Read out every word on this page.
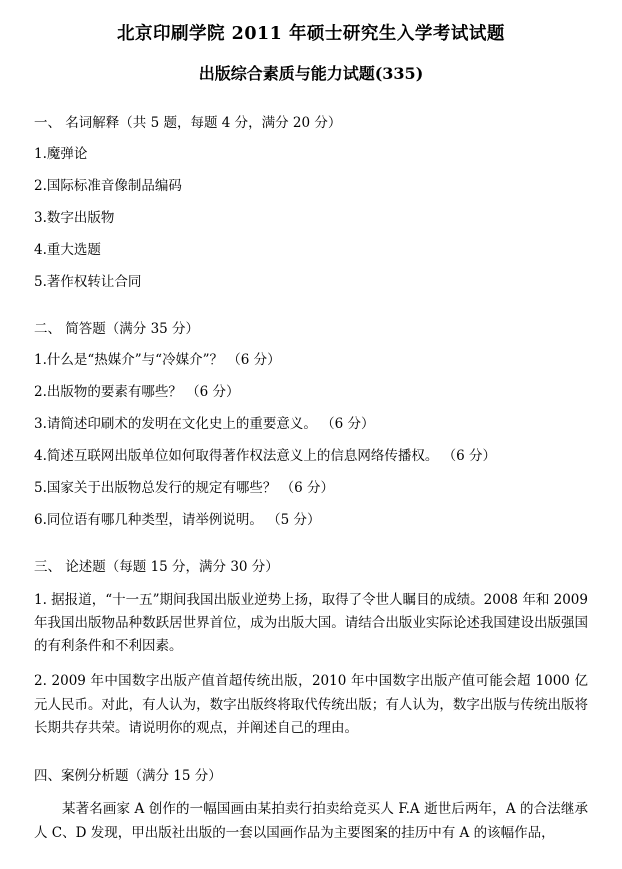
北京印刷学院 2011 年硕士研究生入学考试试题
出版综合素质与能力试题(335)
一、 名词解释（共 5 题，每题 4 分，满分 20 分）
1.魔弹论
2.国际标准音像制品编码
3.数字出版物
4.重大选题
5.著作权转让合同
二、 简答题（满分 35 分）
1.什么是“热媒介”与“冷媒介”？ （6 分）
2.出版物的要素有哪些？ （6 分）
3.请简述印刷术的发明在文化史上的重要意义。 （6 分）
4.简述互联网出版单位如何取得著作权法意义上的信息网络传播权。 （6 分）
5.国家关于出版物总发行的规定有哪些？ （6 分）
6.同位语有哪几种类型，请举例说明。 （5 分）
三、 论述题（每题 15 分，满分 30 分）
1. 据报道，“十一五”期间我国出版业逆势上扬，取得了令世人瞩目的成绩。2008 年和 2009 年我国出版物品种数跃居世界首位，成为出版大国。请结合出版业实际论述我国建设出版强国的有利条件和不利因素。
2. 2009 年中国数字出版产值首超传统出版，2010 年中国数字出版产值可能会超 1000 亿 元人民币。对此，有人认为，数字出版终将取代传统出版；有人认为，数字出版与传统出版将长期共存共荣。请说明你的观点，并阐述自己的理由。
四、案例分析题（满分 15 分）
某著名画家 A 创作的一幅国画由某拍卖行拍卖给竞买人 F.A 逝世后两年，A 的合法继承人 C、D 发现，甲出版社出版的一套以国画作品为主要图案的挂历中有 A 的该幅作品，
